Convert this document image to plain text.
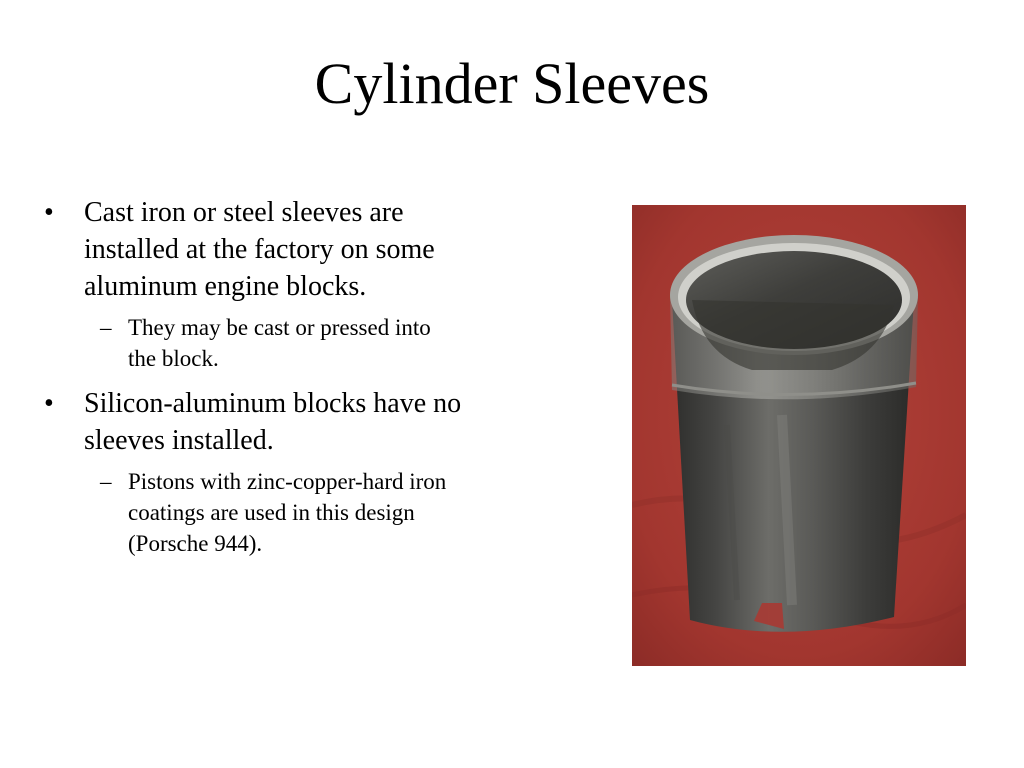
Cylinder Sleeves
• Cast iron or steel sleeves are installed at the factory on some aluminum engine blocks.
– They may be cast or pressed into the block.
• Silicon-aluminum blocks have no sleeves installed.
– Pistons with zinc-copper-hard iron coatings are used in this design (Porsche 944).
